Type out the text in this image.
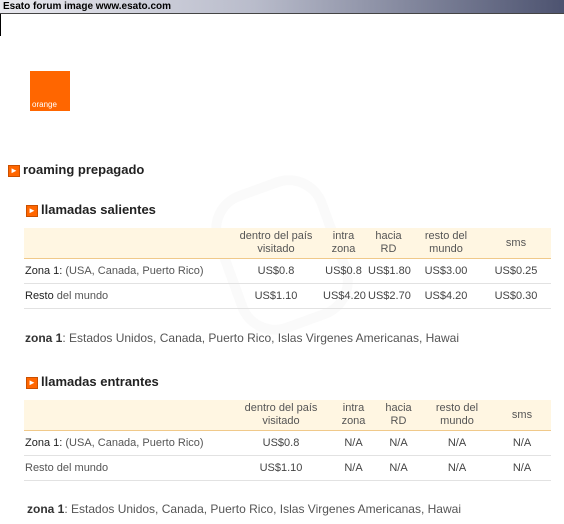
Esato forum image www.esato.com
orange
► roaming prepagado
► llamadas salientes
	dentro del país visitado	intra zona	hacia RD	resto del mundo	sms
Zona 1: (USA, Canada, Puerto Rico)	US$0.8	US$0.8	US$1.80	US$3.00	US$0.25
Resto del mundo	US$1.10	US$4.20	US$2.70	US$4.20	US$0.30
zona 1: Estados Unidos, Canada, Puerto Rico, Islas Virgenes Americanas, Hawai
► llamadas entrantes
	dentro del país visitado	intra zona	hacia RD	resto del mundo	sms
Zona 1: (USA, Canada, Puerto Rico)	US$0.8	N/A	N/A	N/A	N/A
Resto del mundo	US$1.10	N/A	N/A	N/A	N/A
zona 1: Estados Unidos, Canada, Puerto Rico, Islas Virgenes Americanas, Hawai
